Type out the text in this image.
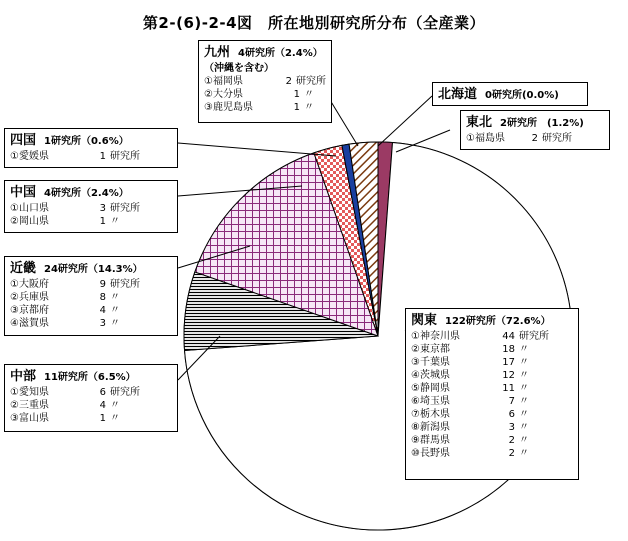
第2-(6)-2-4図　所在地別研究所分布（全産業）
九州 4研究所（2.4%）
（沖縄を含む）
①福岡県	2 研究所
②大分県	1 〃
③鹿児島県	1 〃
北海道 0研究所(0.0%)
東北 2研究所　(1.2%)
①福島県	2 研究所
四国 1研究所（0.6%）
①愛媛県	1 研究所
中国 4研究所（2.4%）
①山口県	3 研究所
②岡山県	1 〃
近畿 24研究所（14.3%）
①大阪府	9 研究所
②兵庫県	8 〃
③京都府	4 〃
④滋賀県	3 〃
中部 11研究所（6.5%）
①愛知県	6 研究所
②三重県	4 〃
③富山県	1 〃
関東 122研究所（72.6%）
①神奈川県	44 研究所
②東京都	18 〃
③千葉県	17 〃
④茨城県	12 〃
⑤静岡県	11 〃
⑥埼玉県	7 〃
⑦栃木県	6 〃
⑧新潟県	3 〃
⑨群馬県	2 〃
⑩長野県	2 〃
